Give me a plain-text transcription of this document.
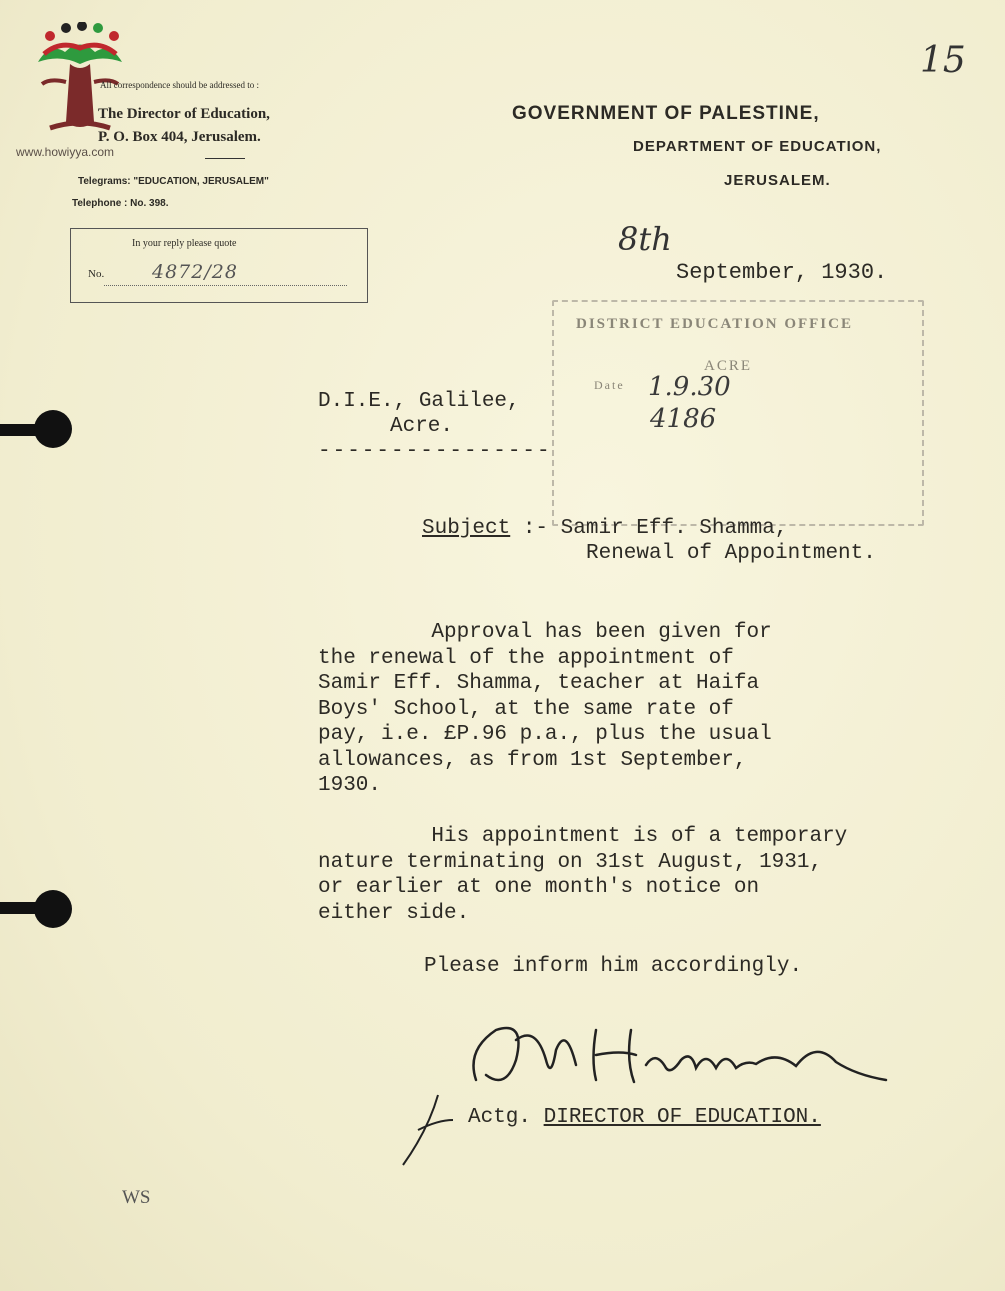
www.howiyya.com
All correspondence should be addressed to :
The Director of Education,
P. O. Box 404, Jerusalem.
Telegrams: "EDUCATION, JERUSALEM"
Telephone : No. 398.
In your reply please quote
No.	4872/28
GOVERNMENT OF PALESTINE,
DEPARTMENT OF EDUCATION,
JERUSALEM.
15
8th
September, 1930.
DISTRICT EDUCATION OFFICE
ACRE
Date 1.9.30
4186
D.I.E., Galilee,
Acre.
----------------
Subject :- Samir Eff. Shamma,
Renewal of Appointment.
Approval has been given for
the renewal of the appointment of
Samir Eff. Shamma, teacher at Haifa
Boys' School, at the same rate of
pay, i.e. £P.96 p.a., plus the usual
allowances, as from 1st September,
1930.
His appointment is of a temporary
nature terminating on 31st August, 1931,
or earlier at one month's notice on
either side.
Please inform him accordingly.
Actg. DIRECTOR OF EDUCATION.
WS
